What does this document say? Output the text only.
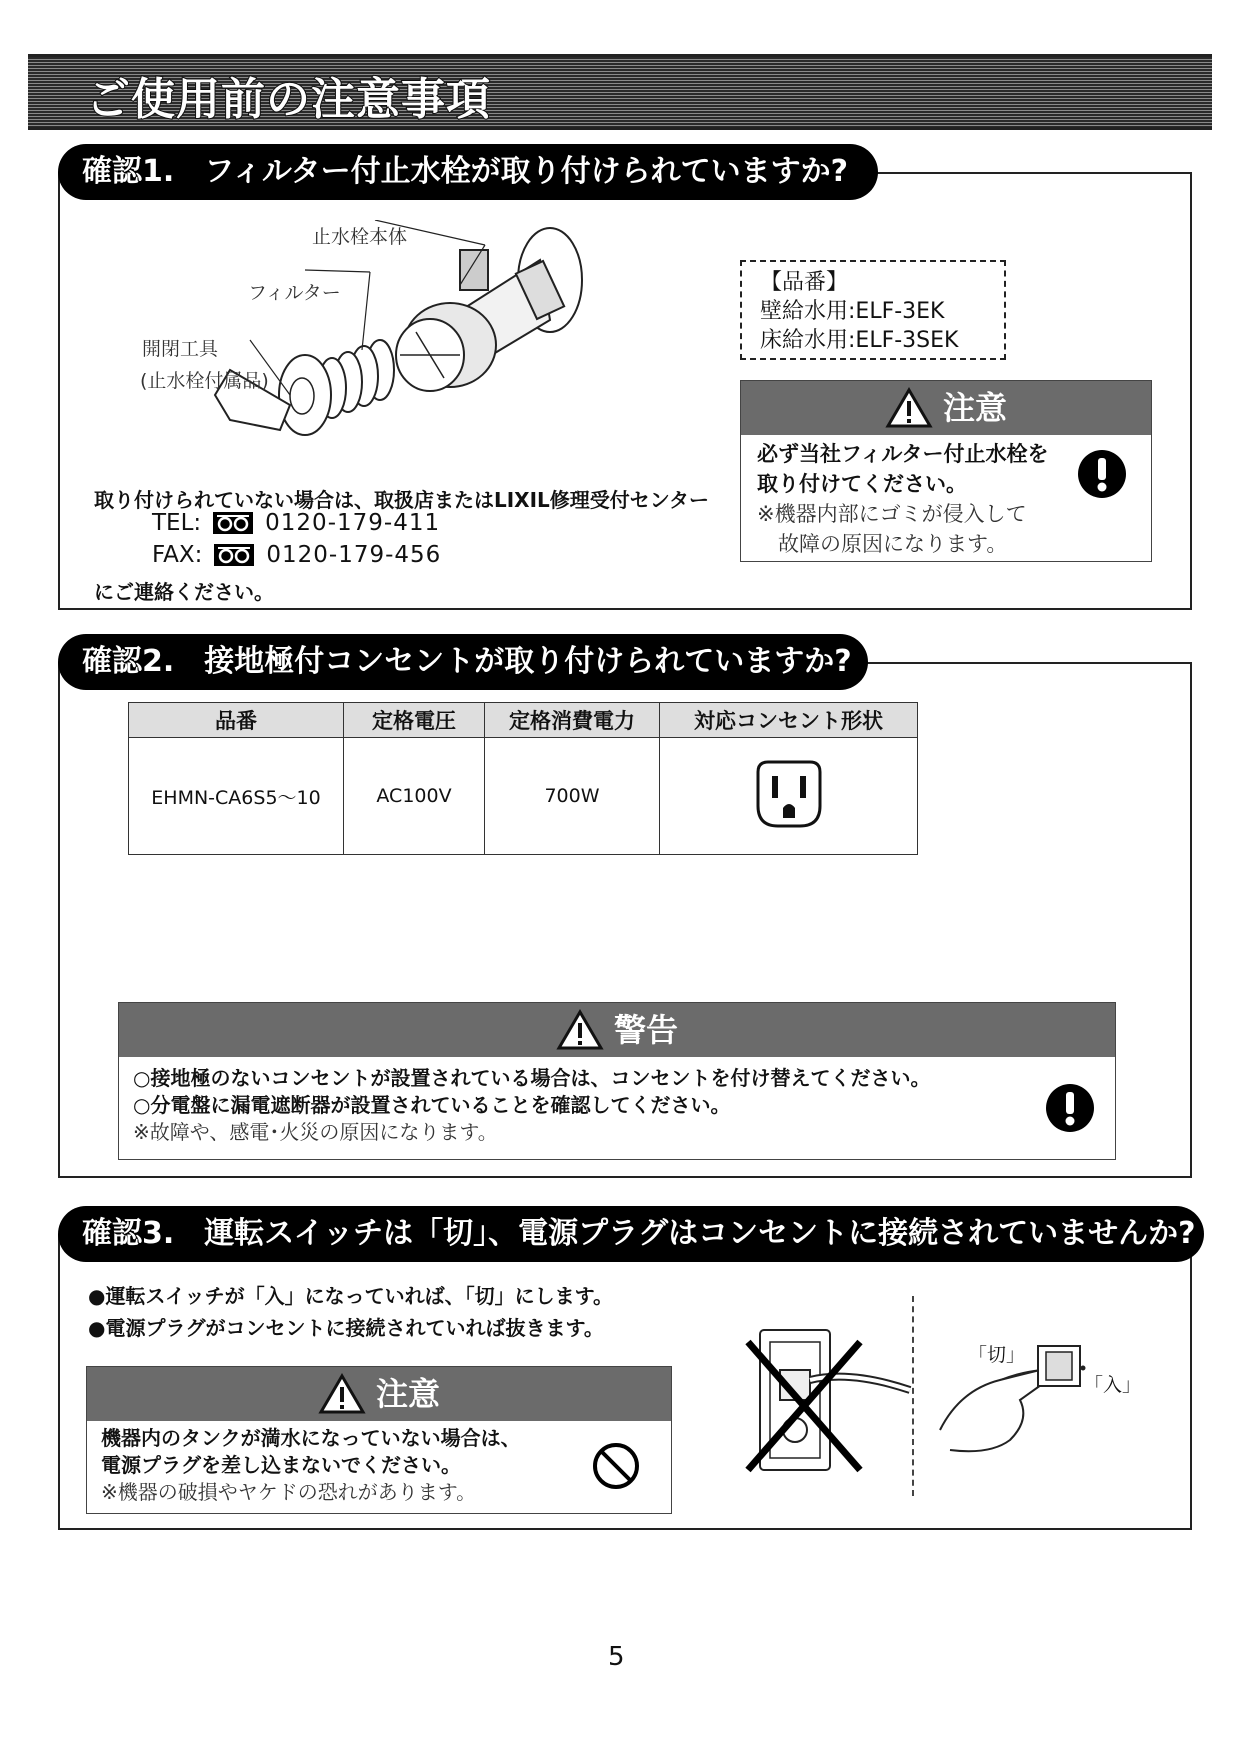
ご使用前の注意事項
確認1.　フィルター付止水栓が取り付けられていますか?
止水栓本体
フィルター
開閉工具
(止水栓付属品)
【品番】
壁給水用:ELF-3EK
床給水用:ELF-3SEK
注意
必ず当社フィルター付止水栓を
取り付けてください。
※機器内部にゴミが侵入して
　故障の原因になります。
取り付けられていない場合は、取扱店またはLIXIL修理受付センター
TEL:	0120-179-411
FAX:	0120-179-456
にご連絡ください。
確認2.　接地極付コンセントが取り付けられていますか?
品番	定格電圧	定格消費電力	対応コンセント形状
EHMN-CA6S5〜10	AC100V	700W	
警告
○接地極のないコンセントが設置されている場合は、コンセントを付け替えてください。
○分電盤に漏電遮断器が設置されていることを確認してください。
※故障や、感電･火災の原因になります。
確認3.　運転スイッチは「切」、電源プラグはコンセントに接続されていませんか?
●運転スイッチが「入」になっていれば、「切」にします。
●電源プラグがコンセントに接続されていれば抜きます。
注意
機器内のタンクが満水になっていない場合は、
電源プラグを差し込まないでください。
※機器の破損やヤケドの恐れがあります。
「切」
「入」
5
